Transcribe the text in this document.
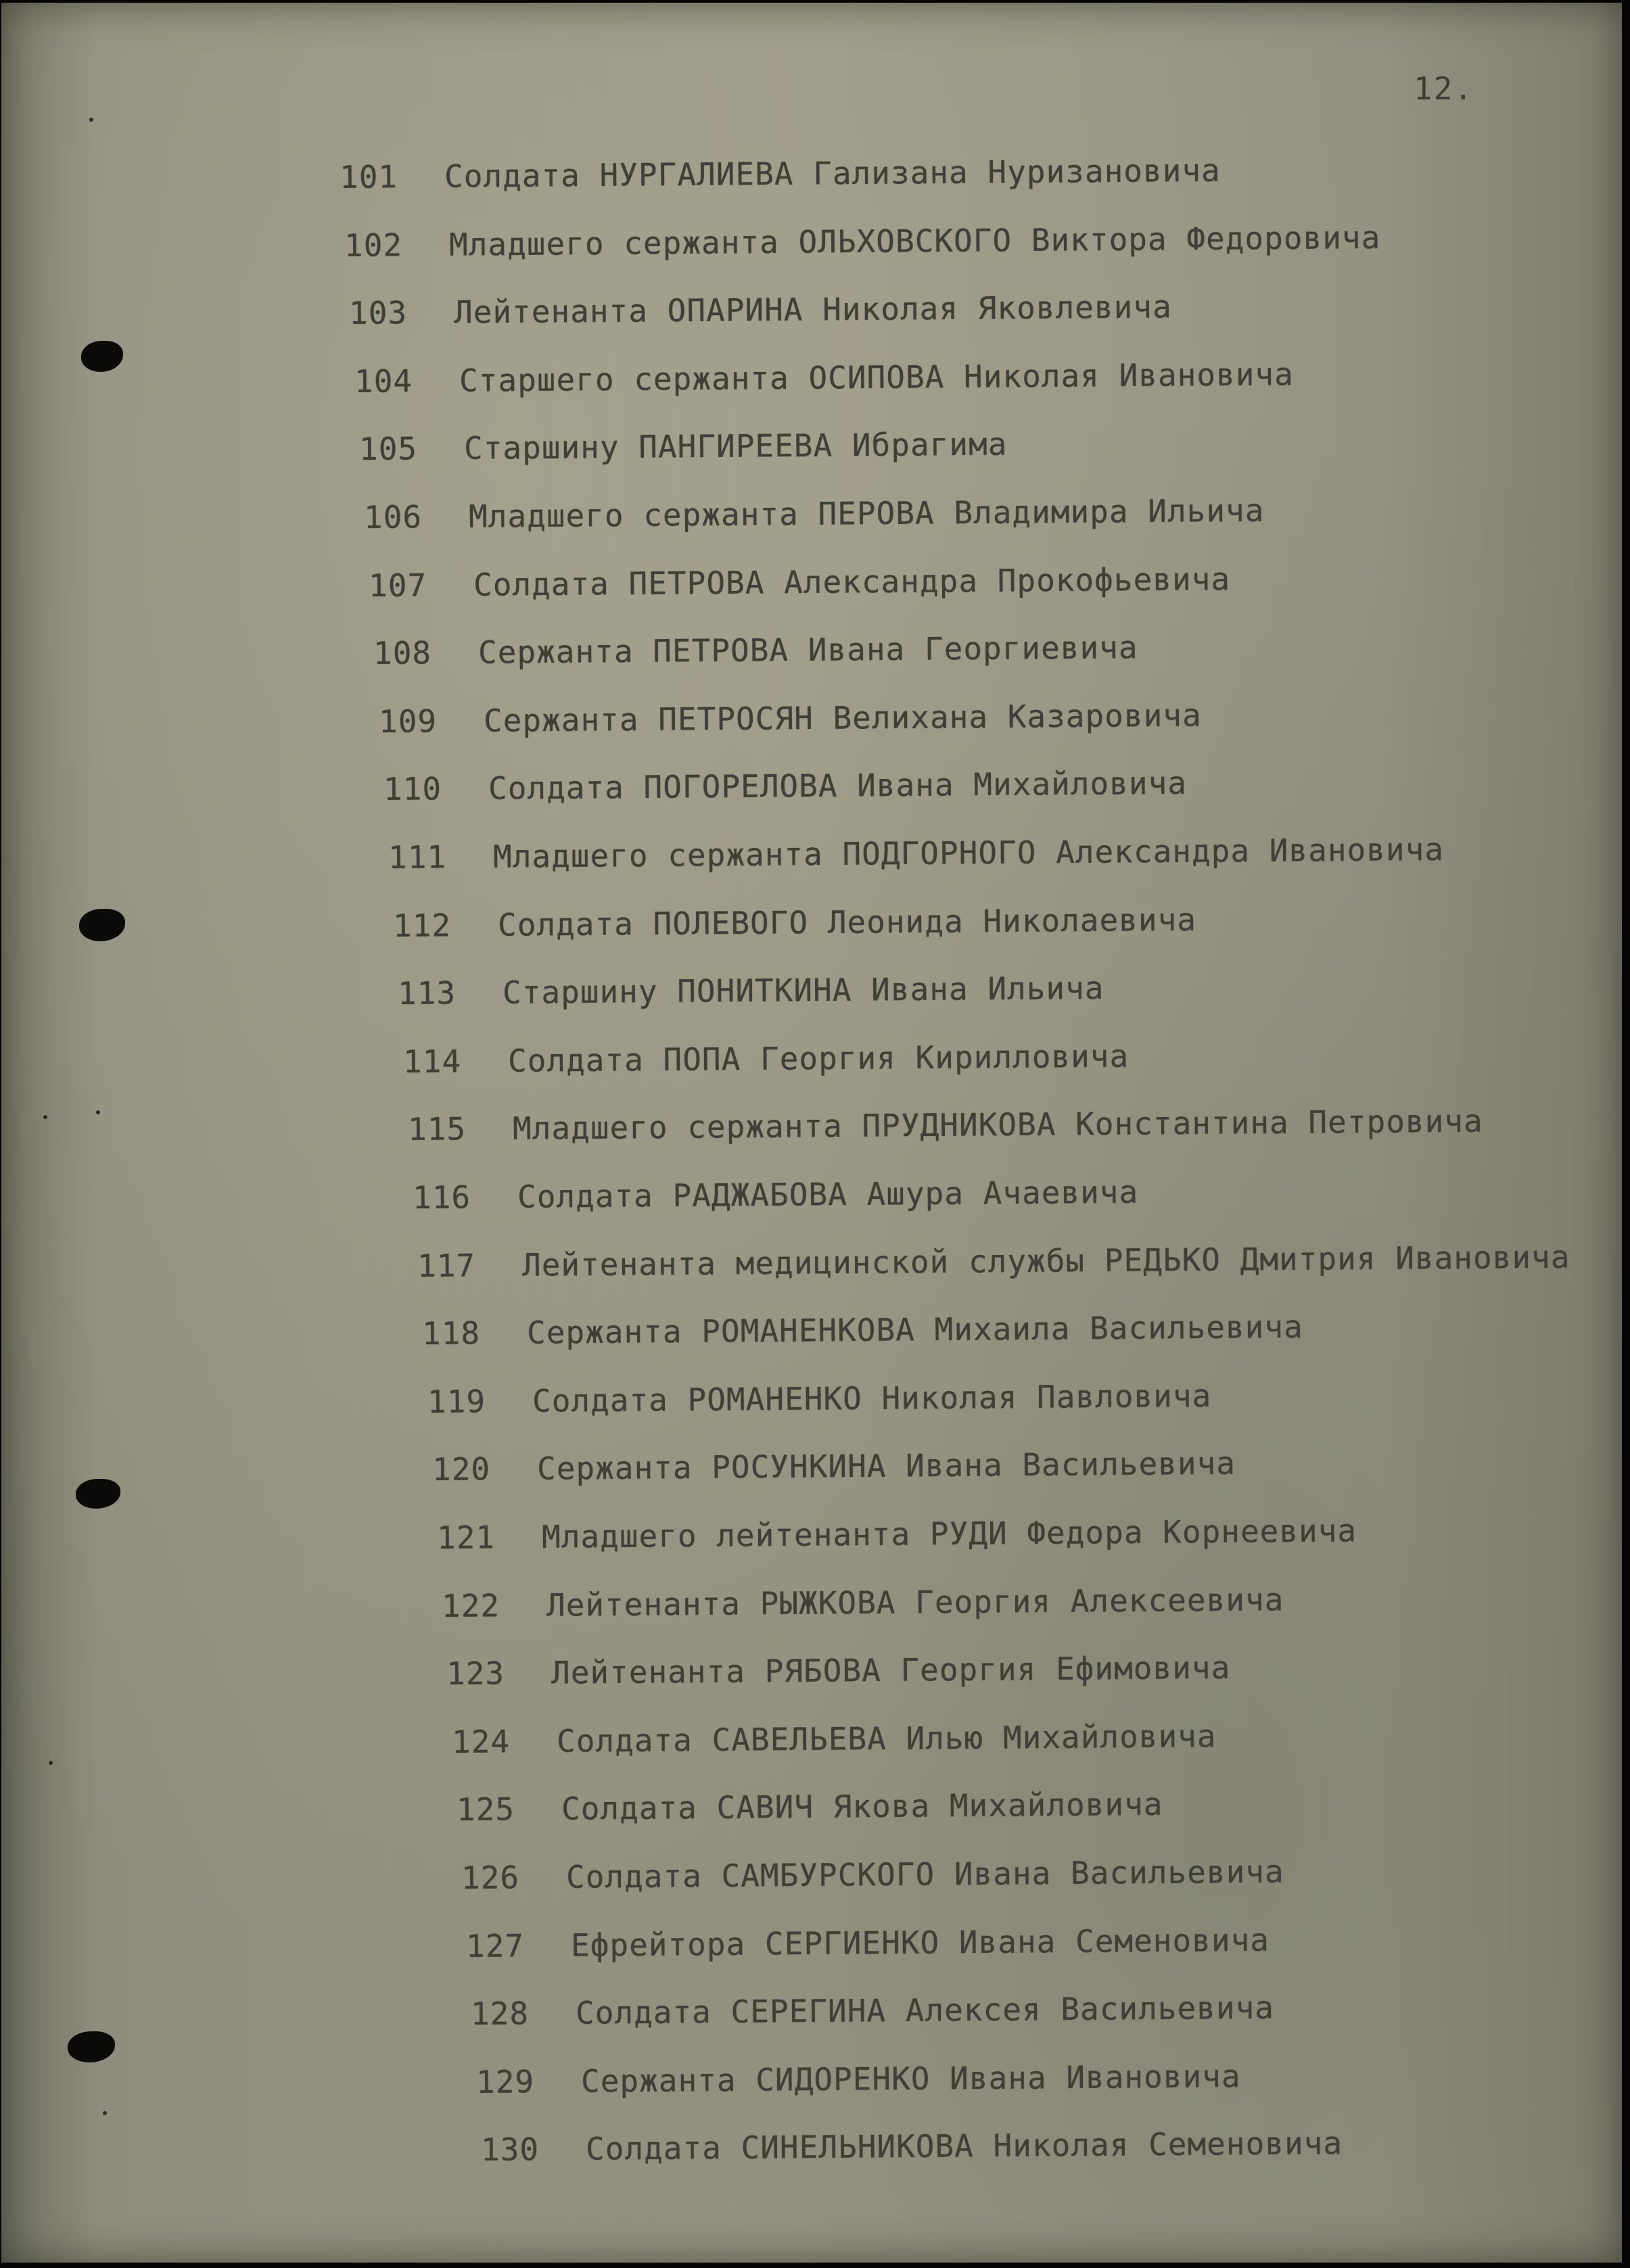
12.
101 Солдата НУРГАЛИЕВА Гализана Нуризановича
102 Младшего сержанта ОЛЬХОВСКОГО Виктора Федоровича
103 Лейтенанта ОПАРИНА Николая Яковлевича
104 Старшего сержанта ОСИПОВА Николая Ивановича
105 Старшину ПАНГИРЕЕВА Ибрагима
106 Младшего сержанта ПЕРОВА Владимира Ильича
107 Солдата ПЕТРОВА Александра Прокофьевича
108 Сержанта ПЕТРОВА Ивана Георгиевича
109 Сержанта ПЕТРОСЯН Велихана Казаровича
110 Солдата ПОГОРЕЛОВА Ивана Михайловича
111 Младшего сержанта ПОДГОРНОГО Александра Ивановича
112 Солдата ПОЛЕВОГО Леонида Николаевича
113 Старшину ПОНИТКИНА Ивана Ильича
114 Солдата ПОПА Георгия Кирилловича
115 Младшего сержанта ПРУДНИКОВА Константина Петровича
116 Солдата РАДЖАБОВА Ашура Ачаевича
117 Лейтенанта медицинской службы РЕДЬКО Дмитрия Ивановича
118 Сержанта РОМАНЕНКОВА Михаила Васильевича
119 Солдата РОМАНЕНКО Николая Павловича
120 Сержанта РОСУНКИНА Ивана Васильевича
121 Младшего лейтенанта РУДИ Федора Корнеевича
122 Лейтенанта РЫЖКОВА Георгия Алексеевича
123 Лейтенанта РЯБОВА Георгия Ефимовича
124 Солдата САВЕЛЬЕВА Илью Михайловича
125 Солдата САВИЧ Якова Михайловича
126 Солдата САМБУРСКОГО Ивана Васильевича
127 Ефрейтора СЕРГИЕНКО Ивана Семеновича
128 Солдата СЕРЕГИНА Алексея Васильевича
129 Сержанта СИДОРЕНКО Ивана Ивановича
130 Солдата СИНЕЛЬНИКОВА Николая Семеновича
